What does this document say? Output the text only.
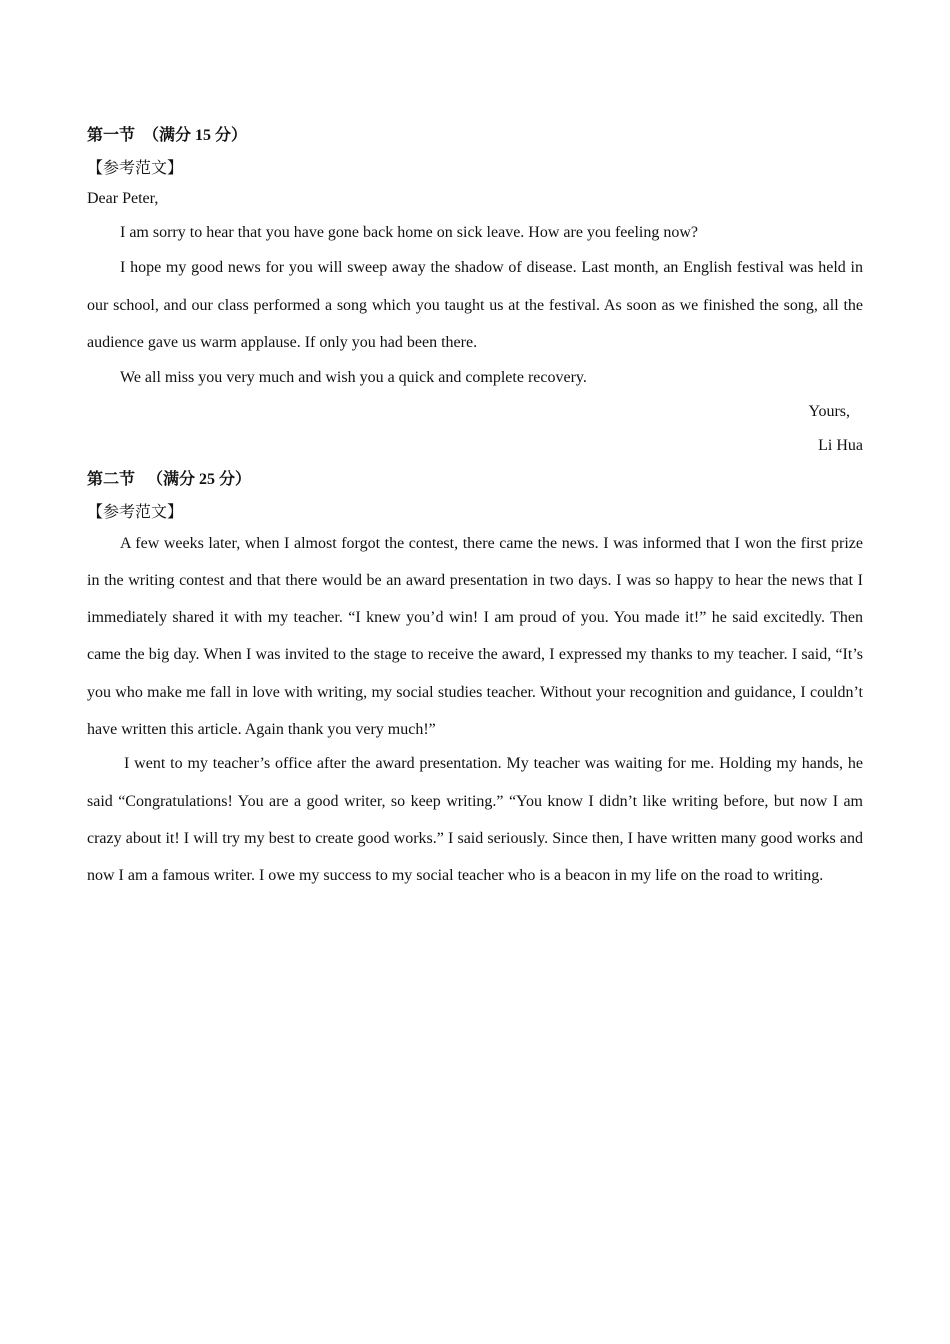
第一节  （满分 15 分）
【参考范文】
Dear Peter,

I am sorry to hear that you have gone back home on sick leave. How are you feeling now?

I hope my good news for you will sweep away the shadow of disease. Last month, an English festival was held in our school, and our class performed a song which you taught us at the festival. As soon as we finished the song, all the audience gave us warm applause. If only you had been there.

We all miss you very much and wish you a quick and complete recovery.

Yours,
Li Hua
第二节   （满分 25 分）
【参考范文】

A few weeks later, when I almost forgot the contest, there came the news. I was informed that I won the first prize in the writing contest and that there would be an award presentation in two days. I was so happy to hear the news that I immediately shared it with my teacher. “I knew you’d win! I am proud of you. You made it!” he said excitedly. Then came the big day. When I was invited to the stage to receive the award, I expressed my thanks to my teacher. I said, “It’s you who make me fall in love with writing, my social studies teacher. Without your recognition and guidance, I couldn’t have written this article. Again thank you very much!”

I went to my teacher’s office after the award presentation. My teacher was waiting for me. Holding my hands, he said “Congratulations! You are a good writer, so keep writing.” “You know I didn’t like writing before, but now I am crazy about it! I will try my best to create good works.” I said seriously. Since then, I have written many good works and now I am a famous writer. I owe my success to my social teacher who is a beacon in my life on the road to writing.
